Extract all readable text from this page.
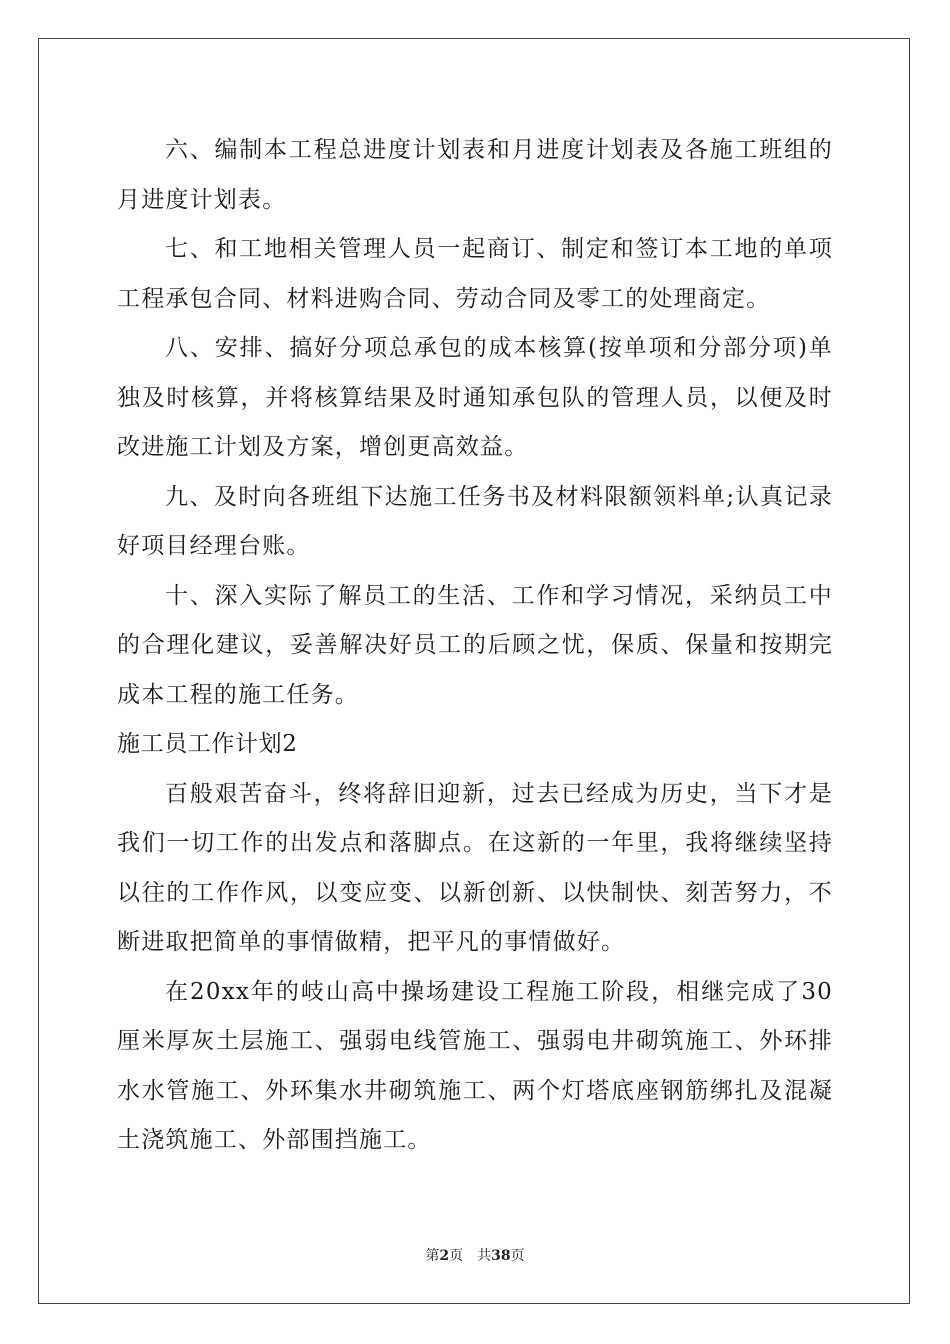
六、编制本工程总进度计划表和月进度计划表及各施工班组的月进度计划表。

七、和工地相关管理人员一起商订、制定和签订本工地的单项工程承包合同、材料进购合同、劳动合同及零工的处理商定。

八、安排、搞好分项总承包的成本核算(按单项和分部分项)单独及时核算，并将核算结果及时通知承包队的管理人员，以便及时改进施工计划及方案，增创更高效益。

九、及时向各班组下达施工任务书及材料限额领料单;认真记录好项目经理台账。

十、深入实际了解员工的生活、工作和学习情况，采纳员工中的合理化建议，妥善解决好员工的后顾之忧，保质、保量和按期完成本工程的施工任务。

施工员工作计划2

百般艰苦奋斗，终将辞旧迎新，过去已经成为历史，当下才是我们一切工作的出发点和落脚点。在这新的一年里，我将继续坚持以往的工作作风，以变应变、以新创新、以快制快、刻苦努力，不断进取把简单的事情做精，把平凡的事情做好。

在20xx年的岐山高中操场建设工程施工阶段，相继完成了30厘米厚灰土层施工、强弱电线管施工、强弱电井砌筑施工、外环排水水管施工、外环集水井砌筑施工、两个灯塔底座钢筋绑扎及混凝土浇筑施工、外部围挡施工。

第2页 共38页
